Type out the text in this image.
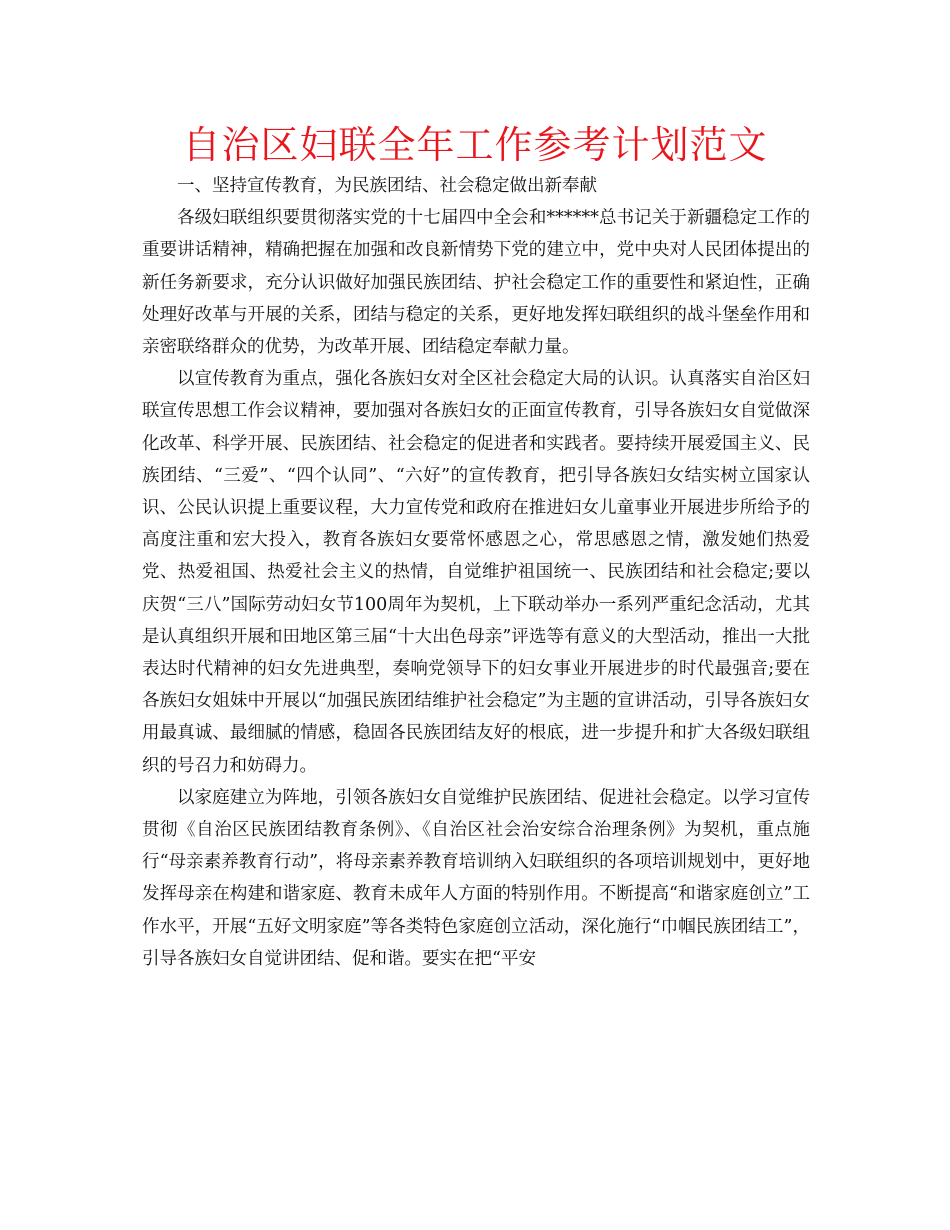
自治区妇联全年工作参考计划范文

一、坚持宣传教育，为民族团结、社会稳定做出新奉献

各级妇联组织要贯彻落实党的十七届四中全会和******总书记关于新疆稳定工作的重要讲话精神，精确把握在加强和改良新情势下党的建立中，党中央对人民团体提出的新任务新要求，充分认识做好加强民族团结、护社会稳定工作的重要性和紧迫性，正确处理好改革与开展的关系，团结与稳定的关系，更好地发挥妇联组织的战斗堡垒作用和亲密联络群众的优势，为改革开展、团结稳定奉献力量。

以宣传教育为重点，强化各族妇女对全区社会稳定大局的认识。认真落实自治区妇联宣传思想工作会议精神，要加强对各族妇女的正面宣传教育，引导各族妇女自觉做深化改革、科学开展、民族团结、社会稳定的促进者和实践者。要持续开展爱国主义、民族团结、“三爱”、“四个认同”、“六好”的宣传教育，把引导各族妇女结实树立国家认识、公民认识提上重要议程，大力宣传党和政府在推进妇女儿童事业开展进步所给予的高度注重和宏大投入，教育各族妇女要常怀感恩之心，常思感恩之情，激发她们热爱党、热爱祖国、热爱社会主义的热情，自觉维护祖国统一、民族团结和社会稳定;要以庆贺“三八”国际劳动妇女节100周年为契机，上下联动举办一系列严重纪念活动，尤其是认真组织开展和田地区第三届“十大出色母亲”评选等有意义的大型活动，推出一大批表达时代精神的妇女先进典型，奏响党领导下的妇女事业开展进步的时代最强音;要在各族妇女姐妹中开展以“加强民族团结维护社会稳定”为主题的宣讲活动，引导各族妇女用最真诚、最细腻的情感，稳固各民族团结友好的根底，进一步提升和扩大各级妇联组织的号召力和妨碍力。

以家庭建立为阵地，引领各族妇女自觉维护民族团结、促进社会稳定。以学习宣传贯彻《自治区民族团结教育条例》、《自治区社会治安综合治理条例》为契机，重点施行“母亲素养教育行动”，将母亲素养教育培训纳入妇联组织的各项培训规划中，更好地发挥母亲在构建和谐家庭、教育未成年人方面的特别作用。不断提高“和谐家庭创立”工作水平，开展“五好文明家庭”等各类特色家庭创立活动，深化施行“巾帼民族团结工”，引导各族妇女自觉讲团结、促和谐。要实在把“平安
